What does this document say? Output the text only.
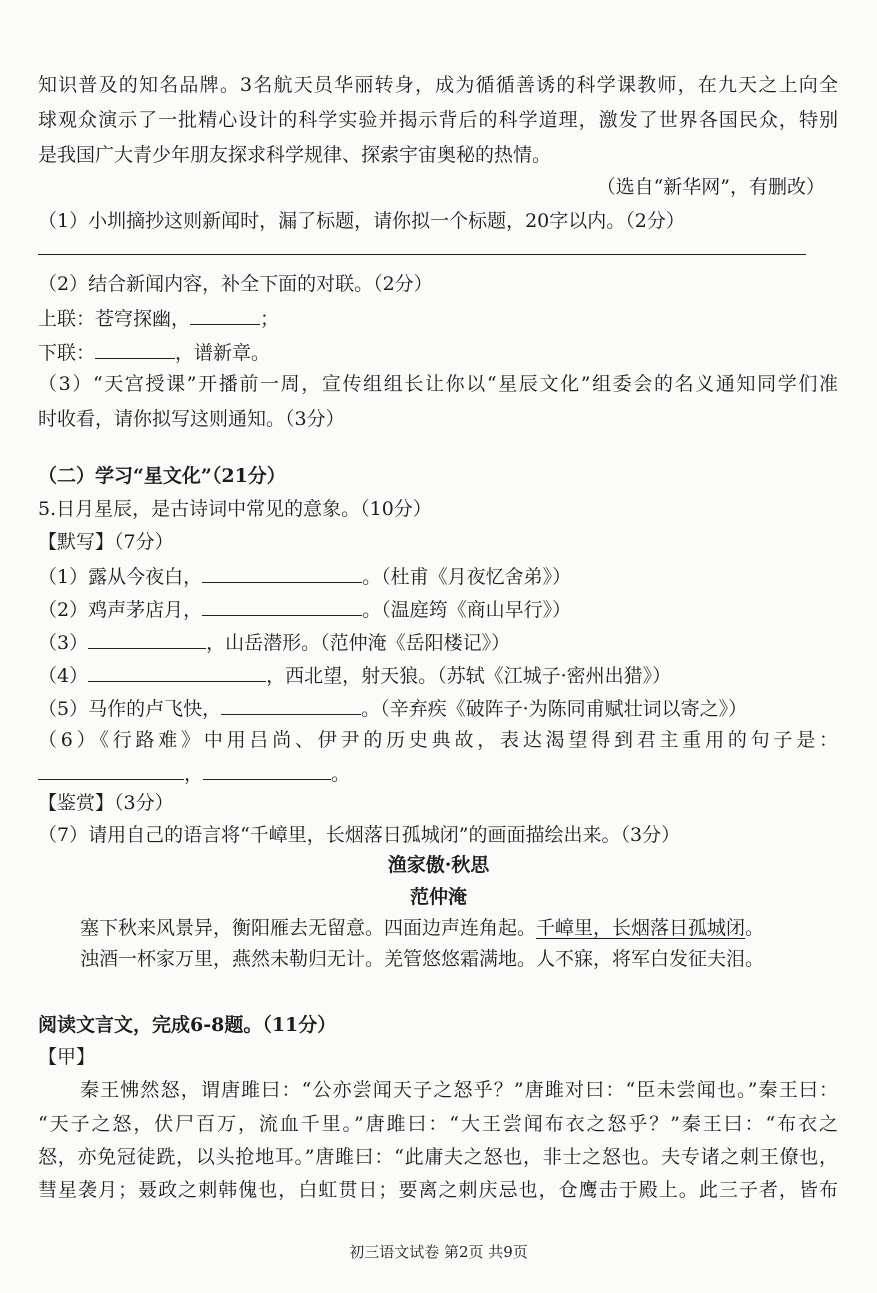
知识普及的知名品牌。3名航天员华丽转身，成为循循善诱的科学课教师，在九天之上向全
球观众演示了一批精心设计的科学实验并揭示背后的科学道理，激发了世界各国民众，特别
是我国广大青少年朋友探求科学规律、探索宇宙奥秘的热情。
（选自“新华网”，有删改）
（1）小圳摘抄这则新闻时，漏了标题，请你拟一个标题，20字以内。（2分）
（2）结合新闻内容，补全下面的对联。（2分）
上联：苍穹探幽，	；
下联：	，谱新章。
（3）“天宫授课”开播前一周，宣传组组长让你以“星辰文化”组委会的名义通知同学们准
时收看，请你拟写这则通知。（3分）
（二）学习“星文化”（21分）
5.日月星辰，是古诗词中常见的意象。（10分）
【默写】（7分）
（1）露从今夜白，	。（杜甫《月夜忆舍弟》）
（2）鸡声茅店月，	。（温庭筠《商山早行》）
（3）	，山岳潜形。（范仲淹《岳阳楼记》）
（4）	，西北望，射天狼。（苏轼《江城子·密州出猎》）
（5）马作的卢飞快，	。（辛弃疾《破阵子·为陈同甫赋壮词以寄之》）
（6）《行路难》中用吕尚、伊尹的历史典故，表达渴望得到君主重用的句子是：
，	。
【鉴赏】（3分）
（7）请用自己的语言将“千嶂里，长烟落日孤城闭”的画面描绘出来。（3分）
渔家傲·秋思
范仲淹
塞下秋来风景异，衡阳雁去无留意。四面边声连角起。千嶂里，长烟落日孤城闭。
浊酒一杯家万里，燕然未勒归无计。羌管悠悠霜满地。人不寐，将军白发征夫泪。
阅读文言文，完成6-8题。（11分）
【甲】
秦王怫然怒，谓唐雎曰：“公亦尝闻天子之怒乎？”唐雎对曰：“臣未尝闻也。”秦王曰：
“天子之怒，伏尸百万，流血千里。”唐雎曰：“大王尝闻布衣之怒乎？”秦王曰：“布衣之
怒，亦免冠徒跣，以头抢地耳。”唐雎曰：“此庸夫之怒也，非士之怒也。夫专诸之刺王僚也，
彗星袭月；聂政之刺韩傀也，白虹贯日；要离之刺庆忌也，仓鹰击于殿上。此三子者，皆布
初三语文试卷 第2页 共9页
